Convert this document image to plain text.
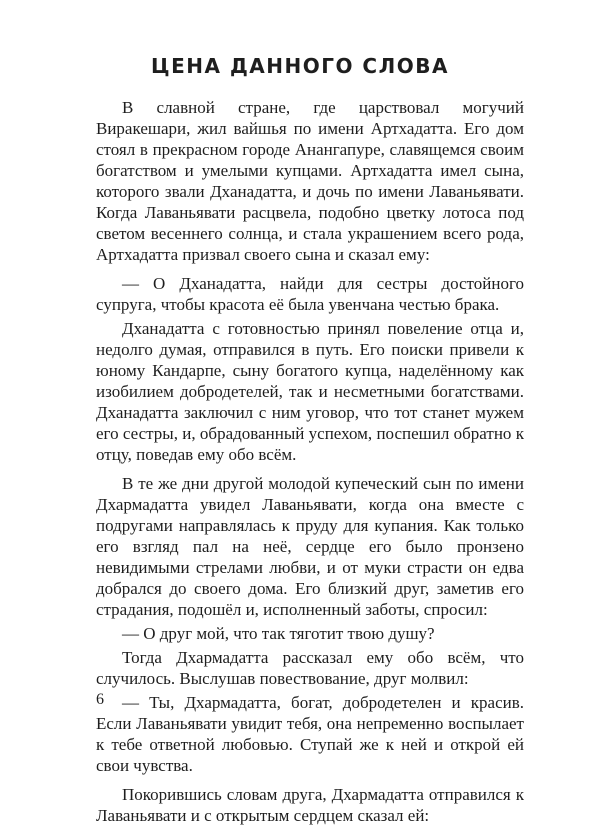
ЦЕНА ДАННОГО СЛОВА

В славной стране, где царствовал могучий Виракешари, жил вайшья по имени Артхадатта. Его дом стоял в прекрасном городе Анангапуре, славящемся своим богатством и умелыми купцами. Артхадатта имел сына, которого звали Дханадатта, и дочь по имени Лаваньявати. Когда Лаваньявати расцвела, подобно цветку лотоса под светом весеннего солнца, и стала украшением всего рода, Артхадатта призвал своего сына и сказал ему:

— О Дханадатта, найди для сестры достойного супруга, чтобы красота её была увенчана честью брака.

Дханадатта с готовностью принял повеление отца и, недолго думая, отправился в путь. Его поиски привели к юному Кандарпе, сыну богатого купца, наделённому как изобилием добродетелей, так и несметными богатствами. Дханадатта заключил с ним уговор, что тот станет мужем его сестры, и, обрадованный успехом, поспешил обратно к отцу, поведав ему обо всём.

В те же дни другой молодой купеческий сын по имени Дхармадатта увидел Лаваньявати, когда она вместе с подругами направлялась к пруду для купания. Как только его взгляд пал на неё, сердце его было пронзено невидимыми стрелами любви, и от муки страсти он едва добрался до своего дома. Его близкий друг, заметив его страдания, подошёл и, исполненный заботы, спросил:

— О друг мой, что так тяготит твою душу?

Тогда Дхармадатта рассказал ему обо всём, что случилось. Выслушав повествование, друг молвил:

— Ты, Дхармадатта, богат, добродетелен и красив. Если Лаваньявати увидит тебя, она непременно воспылает к тебе ответной любовью. Ступай же к ней и открой ей свои чувства.

Покорившись словам друга, Дхармадатта отправился к Лаваньявати и с открытым сердцем сказал ей:

6
